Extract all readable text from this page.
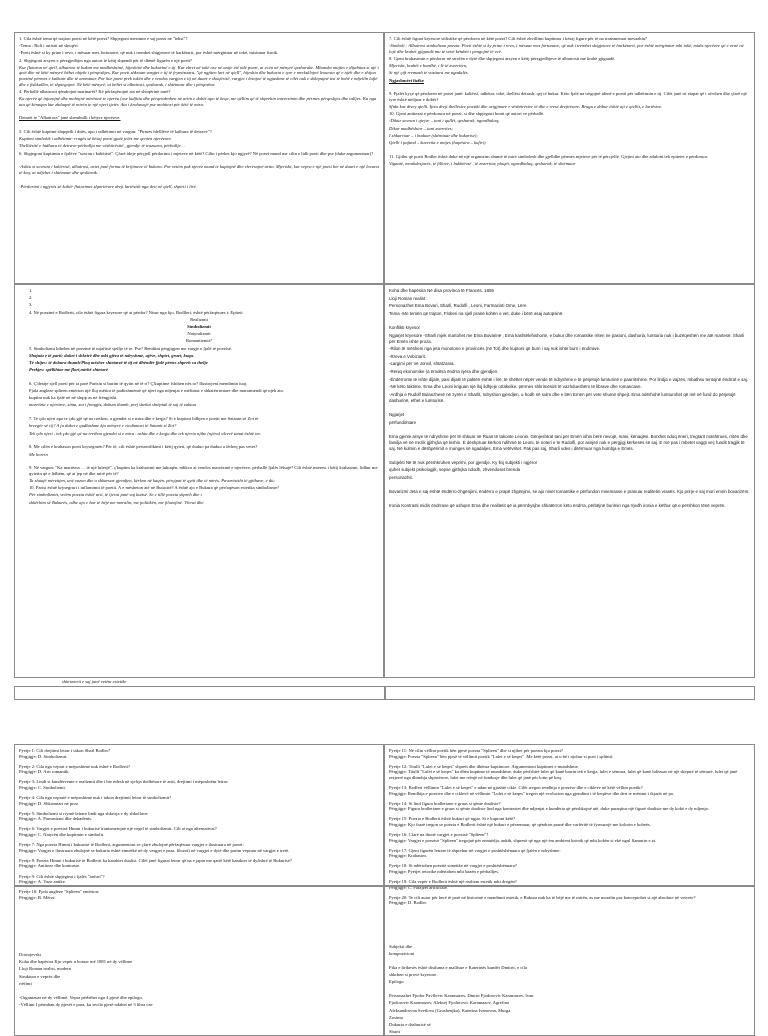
1. Cila është tema që trajton poezi në këtë poezi? Shpjegoni mesimin e saj poezi në "tekst"?

-Tema : Roli i artistit në shoqëri.

-Poeti është si ky prine i revo, i mësuar mes fortunave, që nuk i trembet shigjetave të harkëtarit, por është mërgimtar në tokë, mistunar fisnik.

2. Shpjegoni arsyen e përzgjedhjes nga autori të këtij shpendi për të dhënë figurën e një poeti?

Kur fluturon në qiell, albatrosi të bukon me madhështinë, hijeshinë dhe bukurinë e tij. Kur zbret në tokë ose në anije ëtë ndë poezi, ai ecën në mënyrë qesharake. Mbandet mujtes e dijabitas si një i qetë dhe në këtë mënyrë bëhet objekt i përqeshjes. Kur poeti shkruan vargjet e tij të frymëzuara, "që ngjiten lart në qiell", hijeshia dhe bukuria e tyre e mrekullojnë lexuesin që e njeh dhe e shijon poezinë përmes e kalkuar dhe të aromtuar. Por kur poeti prek tokën dhe e vendos vargjen e tij në duart e shoqërisë, vargjet i lexojnë të ngjashme të cilët nuk e shkëpujnë tisi të kohë e ndjellin luftë dhe e fishkullën, të shpiegojnë. Në këtë mënyrë, ai bëhet si albatrosi, qesharak, i shtëmaur dhe i përqeshur.

4. Përballë albatrosit qëndrojnë marinarët? Kë përfaqësojnë ata në shoqërinë tonë?

Ka njerëz që injorojnë dhe mohojnë mirësinë te njerëu (ose kulfitia dhe përqendrohen në artin e dobët apo të keqe, me qëllim që të shprehin interesimin dhe përmes përqeshjes dhe talljes. Ka nga ata që kënaqen kur zhduqnë të mirën te një njeri tjetër. Ata i krahasojë pse mohitori për këtë të mira.

Detarët te "Albatross" janë shembulli i këtyre njerëzve.

5. Cili është kuptimi shqeprik i ditës, apo i udhëtimit në vargun: "Pirmes hlelllëve të kalbura të detrave"?

Kuptimi simbolik i udhëtimit- rrugës së kësaj poezi gjatë jetës me qenien njerëzore.

Thelltësitë e hidhura të detrave-përballja me vështirësitë , gjendje të trazuara, përballje…

6. Shpjegoni kuptimin e fjalëve "sovran i kaltërisë". Çfarë ideje përçjell përdorimi i mjeteve në këtë? Cilin i përket kjo ngjyrë? Në poezi mund me cilin e lidh poeti dhe pse (duke argumentuar)?

-Ashtu si sovrani i kaltërisë, albatrosi, artet janë forma të krijimeve të bukura. Por vetëm pak njerëz mund te kuptojnë dhe vlerësojnë artin. Mjerisht, kur vepra e një poeti bie në duart e një lexuesi të keq, ai ndjehet i shtëmaur dhe qesharak.

-Përdorimi i ngjyrës së kaltër fluturimet shpirtërore drejt lartësish nga deti në qiell, shpirti i lirë.

7. Cili është figura kryesore stilistike që përdoren në këtë poezi? Cili është zhvillimi kuptimor i kësaj figure për të na transmetuar mesazhin?

-Simboli : Albatrosi simbolizon poezia. Poeti është si ky prine i revo, i mësuar mes fortunave, që nuk i trembet shigjetave të harkëtarit, por është mërgimtar mbi tokë, midis njerëzve që e venë në lojë dhe krahët gjigandë mu të vënë këmbët i pengojnë të ecë.

8. Gjeni krahasimin e përdorur në strofën e dytë dhe shpjegoni arsyen e këtij përzgjedhjeve të albatrosit me krahë gjigandë.

Mjerisht, krahët e bardhë, i lë të zvarriten,

Si një çift rremash të vozitura me ngadalës.

Ngjashmëri fizike

9. Fjalët kyçe që përdoren në poezi janë: kaltërsi, udhëtar, tokë, thellësi detrash, qej të bukur. Këto fjalë na tregojnë idenë e poetit për udhëtimin e tij. Cilët janë tri etapat që i ofrohen dhe çfarë një tyre është nëdjuar e dobët?

Sfida kur divey qielli. Ijeta drejt thellësive poetiki dhe origjinare e vështirësive të dhe e rreut drejtrisore. Brugu e dobur është aji e qiellit, e lartësive.

10. Gjeni antitezat e përdorura në poezi, si dhe shpjegoni bonit që autori ve përballë.

-Dikur sovran i qiejve – tani i qullët, qesharak, ngordhalaq;

Dikur madhështor – tani zvarrites;

I shkurruar – i buduar (shëmtuar dhe bukurise);

Qielli i pafund – kuvertia e anijes (hapësira – kufiri)

11. Gjithu që poeti Bodler është duke në një organizim shumë të mirë simbolesh dhe gjelldhe përmes mjeteve për të përcjellë. Gjejini ato dhe aduloni tek epitetet e përdorura.

Vigantë, monkdesjarës, të fillove, i bukhërisë , të zvarritur, ploqët, ngordhalaq, qesharak, të shtëmaur

1.

2.

3.

4. Në poezinë e Bodlerit, cila është figura kryesore që ai përdor? Nisur nga kjo, Bodlleri, është përfaqësues i: Epiteti

Realizmit

Simbolizmit

Natyralizmit

Romantizmit?

5. Simbolizmi kthehet në poezinë të mjaftisë sjellje të re. Pse? Renditni përgjigjen me vargje e fjalë të poezisë.

Shajuta e të parit: duket i shkrirë dhe mbi gjëra të ndryshme, ujëve, shpiet, gruet, kuqa.

Të shijes: të dobura thumb/Ploq mësher shtetarzë të tij në dhëndër fjalë përtes shpreh ca thelje

Prekjes: spëlkhtar me flori,mirbë shtetavë

6. Ç'detaje sjell poeti për ta parë Parisin si burim të qytin në të ri? Ç'kuptime fshihen nës to? Ilustrojeni mendimin tuaj.

Fjala angleze splieen emërton një fluj mëtira të paditshmëmë që njeri nga ndjenjat e mëfimut e shkatërrimtare dhe marramendi që njeh ato.

kuptim nuk ka fjalë në në shqip as në frëngjisht.

marrëzia e njerëzve, sima, zot i frengjis, dokum thumb, prej shekut shtëpiak të saj të zaktua

7. Te çdo njeri apo te çdo gjë që na rrethon, a gjendet si e mira dhe e keqja? Si e kuptoni lidhjen e poetit me Satanin së Zot të

breegër së tij? A ju duket e qudhtshme kjo mënyrë e ciedimtari të Satanit si Zot?

Tek çdo njeri , tek çdo gjë që na rrethon gjendet si e mira . ashtu dhe e keqja dhe tek njeriu njihe (njëra) ulcerë tanat është tee.

8. Me cilën e krahason poeti krysegruën? Për të, cili është personifikimi i këtij qyteti, që duduo pa duduo a tërheq pas vetes?

Me horrin

9. Në vargun: "Ka marrëzia … të një lulesjë", ç'kuptim ka krahasimi me luhuqën, ndikva ai vendos marrëzinë e njerëzve, përballë fjalës lëlsajë? Cili është interesi i këtij krahasimi, lidhur me qytetin që e lidhëm, që ai jep në dhe mirë për të?

Ta shuajë mërzitjen, unë vazon dhe a shkaruar gjendjen, kërkon në kaqën, përçipat të qytit dhe të mirës. Pavarësisht të gjithave, e dic.

10. Parisi është krysegruri i inflamimit të poetit. A e mësheton atë në Butacitë? A është ajo e Bukura që përfaqëson estetika simbolisme?

Për simbolizmit, vetëm poezia është arti, të tjerat janë vaj kutisë. Se e tillë poezia shpreh dhe i

shkërbim së Bukurës, edhe ajo e bar të bëjë me moralin, me politikën, me filozofinë. Vlerat dhe

Koha dhe hapësira Në disa provinca të Francës. 1856

Lloji Roman realist

Personazhet Ema Bovari, Sharli, Rudolfi , Leoni, Farmacisti Ome, Lëre

Tema -Me temën që trajton, Floberi na sjell pranë kohën e vet, duke i bërë asaj autopsinë.

Konflikti kryesor

Ngjarjet kryesore -Sharli mjek martohet me Ema Bovarinë , Ema kashtëlehishorte, e bukur dhe romantike rriten ne pasioni, dashuria, lumturia nuk i buzëqeshën me atë martesë. Sharli për Emën ishte proza.

-Rilon të mësheni nga jeta monotone e provincës (në Tot) dhe kuptoni që burri i saj nuk ishte burri i ëndrrave.

-Rreva e Vobiziarit.

-Largimi për në Jonvil, shtatzania.

-Rëniq ekonomike (a ërndëra ëndrra njëra dhe gjendjen.

-Ëndërronte të ishte dijalë, pasi dijalë të paktën është i lirë, të shëttet nëpër vende të ndryshme e të përjetojë lumturinë e paarritshme. Por lindja e vajzës, mbathsu tentojnë ëndrrat e saj.

-Në këto taktime, Ema dhe Leoni kriguan një lloj lidhjeje ortakeike, përmes shkrimësirit të vazhdueshëm të librave dhe romancave.

-Ardhja e Rudolf Bulanzhesë në zyrën e Sharlit, ndryshon gjendjen. u hodh në sulm dhe e bën Emën për vete shumë shpejt. Ema ndërhohë lumturohet që më në fund do përjetojë dashurinë, ethet e lumturisë.

Ngjarjet

përfundimtare

Ema gjente arsye të ndryshme për të shkuar në Ruan të takonte Leonin. Gënjeshtrat tani për Emën ishin bërë nevojë, mani, kënaqësi. Borxhet nduq ëneri, tregtarit mashtrues, rritën dhe familja vë në rrezik gjithçka që kishin. E dëshpruar kërkon ndihmë te Leoni, te noteri e te Rudolfi, por asnjëri nuk e përgjigj kërkesës së saj. E më pas i mbetet vaggt veç fundit tragjik të saj. Në kulmin e dëshpërimit e munges së ngadaljes, Ema vetëvritet. Pak pas saj, Sharli vdes i ditërmuar nga humbja e Emës.

Subjekti Në të nuk përshkruhen veprimi, por gjendje. Ky lloj subjekti i ngjëror

quhet subjekt psikologjik, sepse gjithçka ndodh, zhvendoset brenda

personazhit.

Bovarizmi Jeta e saj është ëndërro-zhgënjimi, ëndërro e prapë zhgënjimi, se ajo niset romantike e përfundon mnemasse e pranuar realitetin vrasës. Kjo prirje e saj mori emrin bovarizëm.

Ironia Kontrasti midis ëndrrave që ushqen Ema dhe realitetit që ia përmbysjhe shkatërron këto ëndrra, përbëjnë burimin nga rrjedh ironia e këthur që e përshkon tënë veprën.

shkrimerit e saj janë vetëm estetike

Pyetje 1: Cili drejtimi letrar i takon Sharl Bodler?

Përgjigje: D. Simbolizmit.

Pyetje 2: Cila nga veprat e mëposhtme nuk është e Bodlerit?

Përgjigje: D. Arti romantik.

Pyetje 3: Lindi si kundërvenie e realizmit dhe i bie ndesh në sjelrja thelbësore të artit, drejtimi i mëposhtëm letrar:

Përgjigje: C. Simbolizmi.

Pyetje 4: Cila nga vepratë e mëposhtme nuk i takon drejtimit letrar të simbolizmit?

Përgjigje: D. Shkrimtari në proz.

Pyetje 5: Simbolizmi si rrymë letrare lindi nga shkrirja e dy shkollave:

Përgjigje: A. Parnasizmi dhe dekadenis.

Pyetje 6: Vargjet e poezisë Himni i bukurisë trantsmetojnë një vegel të simbolizmit. Cili ai nga alternativat?

Përgjigje: C. Natyrën dhe kuptimin e simbolit.

Pyetje 7: Nga poezia Himni i bukurisë të Bodlerit, argumentoni se çfarë zbulojnë përfaqësuar vargjet e ilustruara në poezi:

Përgjigje: Vargjet e ilustruara zbulojnë se bukuria është etmeëkë në dy vargjet e para, filozofi në vargjet e dytë dhe parim vepruar në vargjet e tretë.

Pyetje 8: Poezia Himni i bukurisë të Bodlerit ka karaktet dualist. Cilët janë figurat letrar që na e japin me qartë këtë karakter të dyfishtë të Bukurisë?

Përgjigje: Antiteze dhe kontraste.

Pyetje 9: Cili është shpjegimi i fjalës "anfuri"?

Përgjigje: A. Vazo antike.

Pyetje 10: Fjala angleze "Splieen" emërton:

Përgjigje: B. Mërzi.

Pyetje 11: Në cilin vëllim poetik bën pjesë poezia "Splieen" dhe si njihet për poezin kjo poezi?

Përgjigje: Poezia "Splieen" bën pjesë të vëllimit poetik "Lulet e së keqes". Me këtë poezi, ai u bë i njohur si poet i spltinit.

Pyetje 12: Titulli "Lulet e së keqes" shpreh dhe dhënsa kuptimore. Argumentoni kuptimet e mundshme.

Përgjigje: Titulli "Lulet e së keqes" ka dhea kuptime të mundshme, duke përfshirë lulet që kanë barrin tek e keqja, lulet e sëmura, lulet që kanë lulëzuar në një skeptrë të sëmurë, lulet që janë rezjerrë nga dhimbja shpirtërore, lulet me rrënjë në fundosje dhe lulet që janë për lotin pë keq.

Pyetje 13: Bodleri vëllimin "Lulet e së keqes" e ndan në gjashtë cikle. Cilët rregon rendhija e poezive dhe e cikleve në këtë vëllim poetik?

Përgjigje: Rendhija e poezive dhe e ciklevë në vëllimin "Lulet e së keqes" tregon një evolucion nga gjendimi i të keqtëve dhe deri te mësimi i ikjarët në pa.

Pyetje 14: Si lind figura bodleriane e gruas si qënie dualiste?

Përgjigje: Figura bodleriane e gruas si qënie dualiste lind nga kontrastet dhe ndjenjat e kundërta që përshkojnë atë, duke paraqitur një figurë dualiste me dy kokë e dy ndjenja.

Pyetje 15: Poezia e Bodlerit është bukuri që ngjar. Si e kuptoni këtë?

Përgjigje: Kjo frazë tregon se poezia e Bodlerit është një bukuri e përzemuar, që qëndron pranë dhe varfëritë të fyrnuzojë me kolorin e koheës.

Pyetje 16: Cfarë na thonë vargjet e poezisë "Splieen"?

Përgjigje: Vargjet e poezisë "Splieen" tregojnë për ennuëdja, ankth, shpresë që nga një ëm ambient kronik që mbi kokën si ekë ngul flamurin e zi.

Pyetje 17: Gjeni figurën letrare të shprehur në vargjet e poshtëshënuara që fjalën e ndryshme:

Përgjigje: Krahasim.

Pyetje 18: Si ndërtohen poezitë sonetike në vargjet e poshtëshënuara?

Përgjigje: Pyetjet retorike ndërtohen mbi bazën e përballjes.

Pyetje 19: Cila vepër e Bodlerit është një realizm estetik mbi drogën?

Përgjigje: C. Parajzet artificiale.

Pyetje 20: Te cili autor për herë të parë në historinë e mendimit estetik, e Bukura nuk ka të bëjë me të mirën, as me moralin por konceptohet si një absolute në vetvete?

Përgjigje: D. Bodler.

Dostojevski

Koha dhe hapësira Kjo vepër u botuar më 1881 në dy vëllime

Lloji Roman realist, modern

Struktura e veprës dhe

rrëfimi

-Organizuar në dy vëllimë. Vepra përbëhet nga 4 pjesë dhe epilogu.

-Vëllimi I përmban dy pjesët e para, ku secila pjesë ndahet në 3 libra ose

Subjekti dhe

kompozicioni

Fika e lirikesës është distluma e mallisue e Katerinës kundër Dmitrit, e cila

shkrhen si provë kryesore.

Epilogu

Personazhet Fjodor Pavllovic Karamazov, Dmitri Fjodorovic Karamazov, Ivan

Fjodorovic Karamazov, Aleksej Fjodorovic Karamazov, Agrefina

Aleksandrovna Svetlova (Grushenjka), Katerina Ivanovna, Murga

Zosima

Dukuria e dashurisë së

Sharit
